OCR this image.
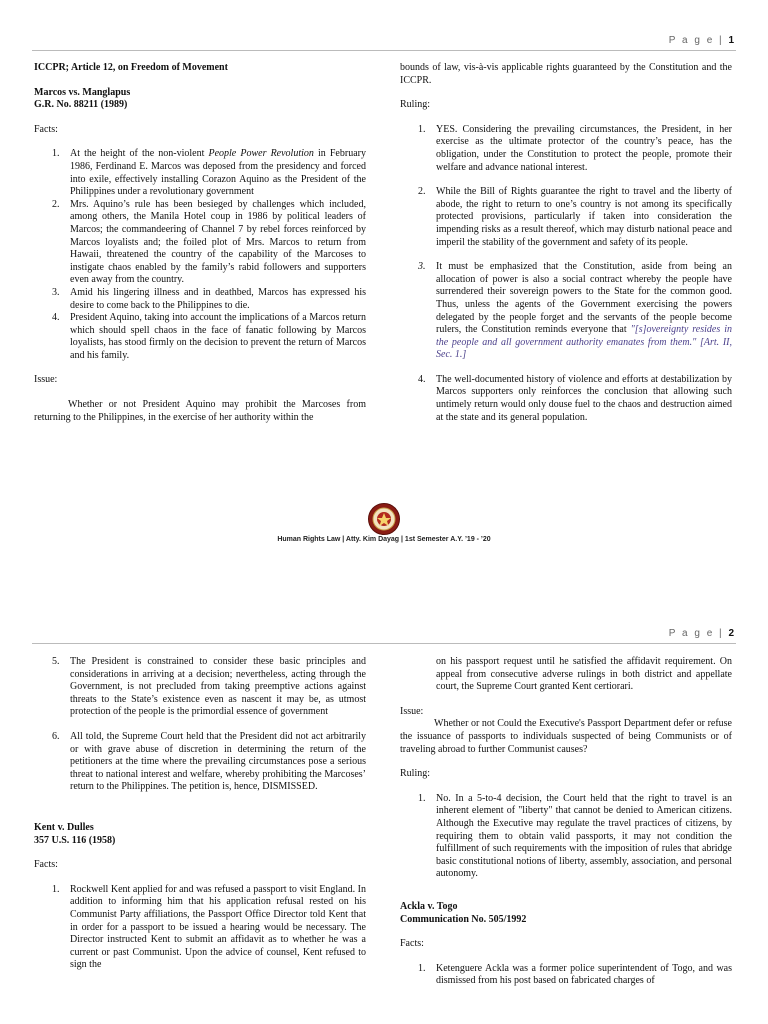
P a g e | 1

ICCPR; Article 12, on Freedom of Movement

Marcos vs. Manglapus

G.R. No. 88211 (1989)

Facts:

1. At the height of the non-violent People Power Revolution in February 1986, Ferdinand E. Marcos was deposed from the presidency and forced into exile, effectively installing Corazon Aquino as the President of the Philippines under a revolutionary government
2. Mrs. Aquino’s rule has been besieged by challenges which included, among others, the Manila Hotel coup in 1986 by political leaders of Marcos; the commandeering of Channel 7 by rebel forces reinforced by Marcos loyalists and; the foiled plot of Mrs. Marcos to return from Hawaii, threatened the country of the capability of the Marcoses to instigate chaos enabled by the family’s rabid followers and supporters even away from the country.
3. Amid his lingering illness and in deathbed, Marcos has expressed his desire to come back to the Philippines to die.
4. President Aquino, taking into account the implications of a Marcos return which should spell chaos in the face of fanatic following by Marcos loyalists, has stood firmly on the decision to prevent the return of Marcos and his family.

Issue:

Whether or not President Aquino may prohibit the Marcoses from returning to the Philippines, in the exercise of her authority within the

bounds of law, vis-à-vis applicable rights guaranteed by the Constitution and the ICCPR.

Ruling:

1. YES. Considering the prevailing circumstances, the President, in her exercise as the ultimate protector of the country’s peace, has the obligation, under the Constitution to protect the people, promote their welfare and advance national interest.
2. While the Bill of Rights guarantee the right to travel and the liberty of abode, the right to return to one’s country is not among its specifically protected provisions, particularly if taken into consideration the impending risks as a result thereof, which may disturb national peace and imperil the stability of the government and safety of its people.
3. It must be emphasized that the Constitution, aside from being an allocation of power is also a social contract whereby the people have surrendered their sovereign powers to the State for the common good. Thus, unless the agents of the Government exercising the powers delegated by the people forget and the servants of the people become rulers, the Constitution reminds everyone that "[s]overeignty resides in the people and all government authority emanates from them." [Art. II, Sec. 1.]
4. The well-documented history of violence and efforts at destabilization by Marcos supporters only reinforces the conclusion that allowing such untimely return would only douse fuel to the chaos and destruction aimed at the state and its general population.
Human Rights Law | Atty. Kim Dayag | 1st Semester A.Y. ’19 - ’20
P a g e | 2
5. The President is constrained to consider these basic principles and considerations in arriving at a decision; nevertheless, acting through the Government, is not precluded from taking preemptive actions against threats to the State’s existence even as nascent it may be, as utmost protection of the people is the primordial essence of government
6. All told, the Supreme Court held that the President did not act arbitrarily or with grave abuse of discretion in determining the return of the petitioners at the time where the prevailing circumstances pose a serious threat to national interest and welfare, whereby prohibiting the Marcoses’ return to the Philippines. The petition is, hence, DISMISSED.

Kent v. Dulles

357 U.S. 116 (1958)

Facts:

1. Rockwell Kent applied for and was refused a passport to visit England. In addition to informing him that his application refusal rested on his Communist Party affiliations, the Passport Office Director told Kent that in order for a passport to be issued a hearing would be necessary. The Director instructed Kent to submit an affidavit as to whether he was a current or past Communist. Upon the advice of counsel, Kent refused to sign the

on his passport request until he satisfied the affidavit requirement. On appeal from consecutive adverse rulings in both district and appellate court, the Supreme Court granted Kent certiorari.

Issue:

Whether or not Could the Executive's Passport Department defer or refuse the issuance of passports to individuals suspected of being Communists or of traveling abroad to further Communist causes?

Ruling:

1. No. In a 5-to-4 decision, the Court held that the right to travel is an inherent element of "liberty" that cannot be denied to American citizens. Although the Executive may regulate the travel practices of citizens, by requiring them to obtain valid passports, it may not condition the fulfillment of such requirements with the imposition of rules that abridge basic constitutional notions of liberty, assembly, association, and personal autonomy.

Ackla v. Togo

Communication No. 505/1992

Facts:

1. Ketenguere Ackla was a former police superintendent of Togo, and was dismissed from his post based on fabricated charges of
